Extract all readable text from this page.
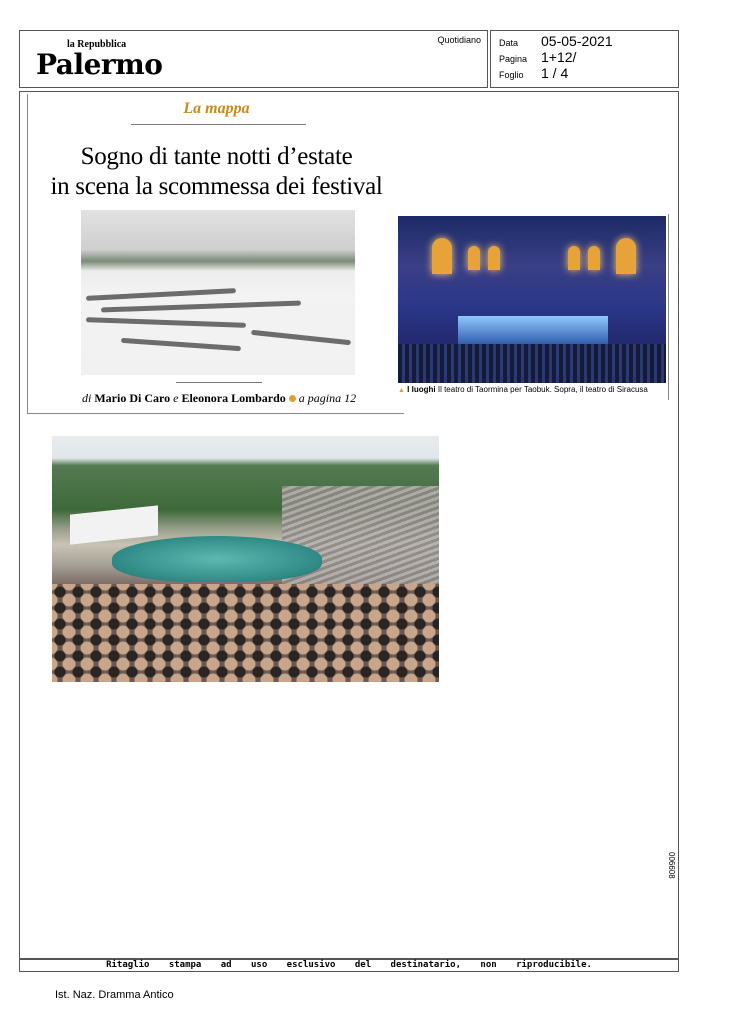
la Repubblica
Palermo
Quotidiano Data	05-05-2021
Pagina 1+12/
Foglio	1 / 4
La mappa
Sogno di tante notti d’estate
in scena la scommessa dei festival
di Mario Di Caro e Eleonora Lombardo a pagina 12
▲ I luoghi Il teatro di Taormina per Taobuk. Sopra, il teatro di Siracusa
006608
Ritaglio stampa ad uso esclusivo del destinatario, non riproducibile.
Ist. Naz. Dramma Antico
